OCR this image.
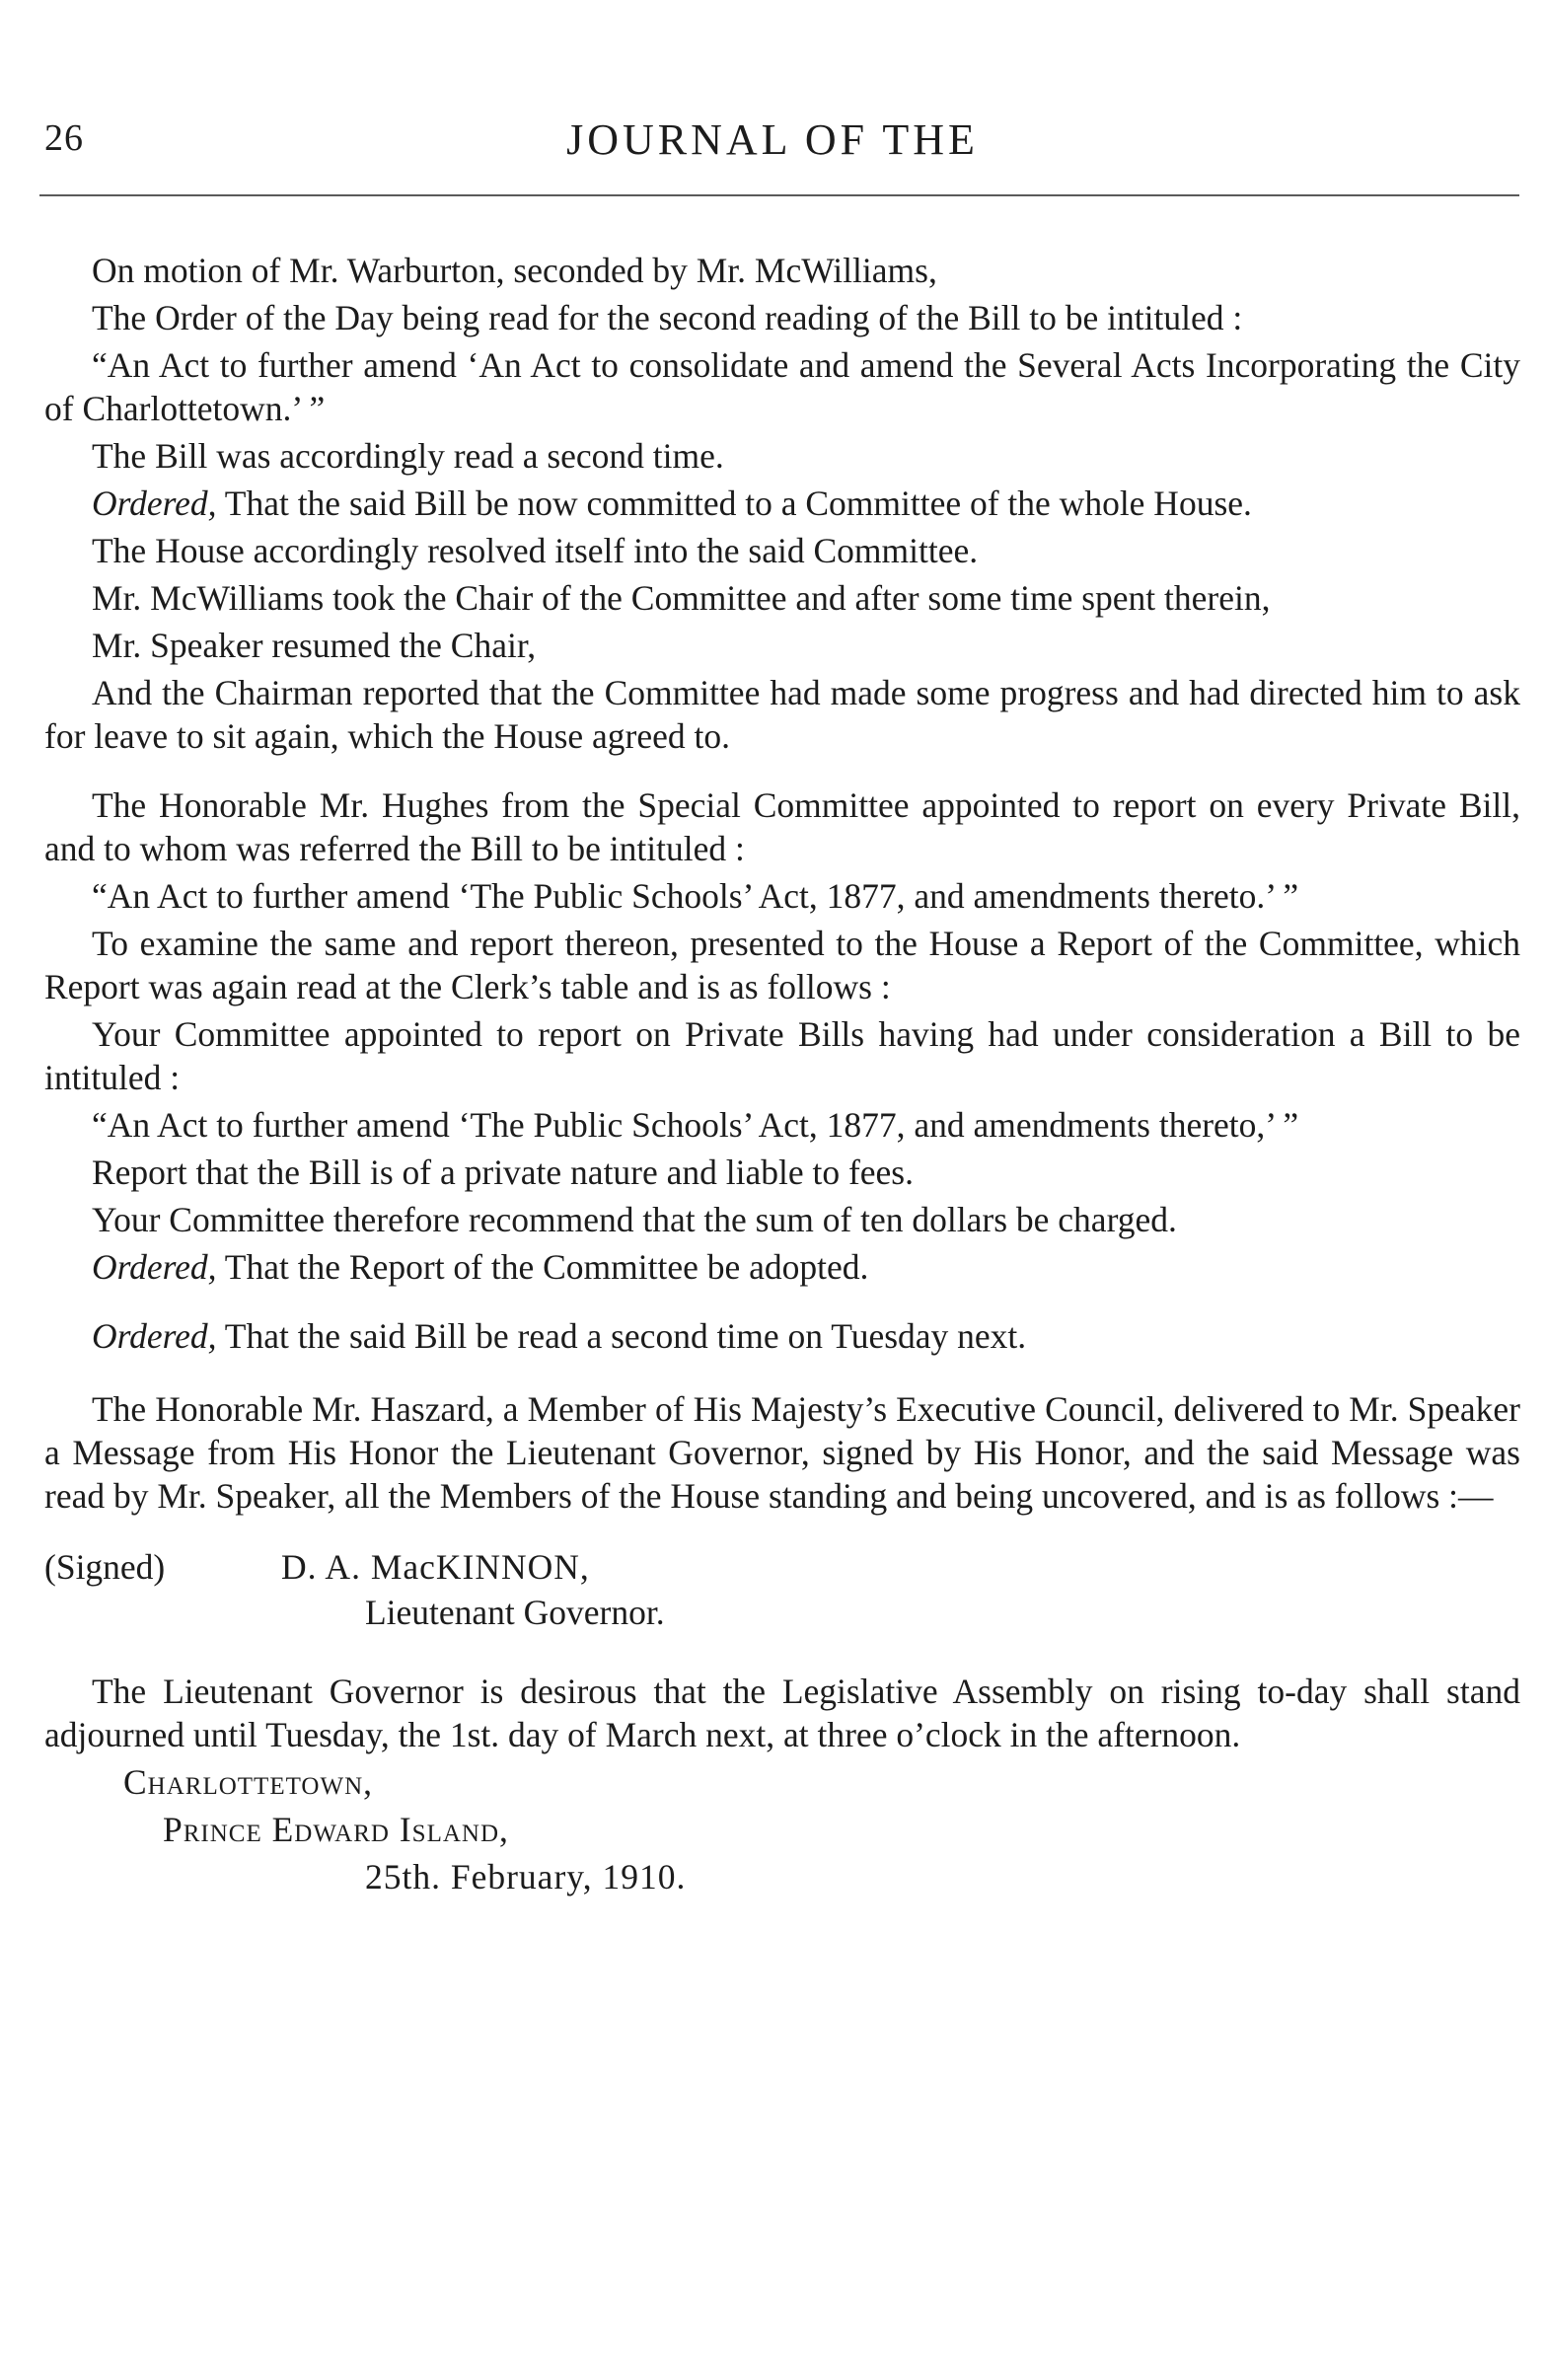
26	JOURNAL OF THE

On motion of Mr. Warburton, seconded by Mr. McWilliams,

The Order of the Day being read for the second reading of the Bill to be intituled :

“An Act to further amend ‘An Act to consolidate and amend the Several Acts Incorporating the City of Charlottetown.’ ”

The Bill was accordingly read a second time.

Ordered, That the said Bill be now committed to a Committee of the whole House.

The House accordingly resolved itself into the said Committee.

Mr. McWilliams took the Chair of the Committee and after some time spent therein,

Mr. Speaker resumed the Chair,

And the Chairman reported that the Committee had made some progress and had directed him to ask for leave to sit again, which the House agreed to.

The Honorable Mr. Hughes from the Special Committee appointed to report on every Private Bill, and to whom was referred the Bill to be intituled :

“An Act to further amend ‘The Public Schools’ Act, 1877, and amendments thereto.’ ”

To examine the same and report thereon, presented to the House a Report of the Committee, which Report was again read at the Clerk’s table and is as follows :

Your Committee appointed to report on Private Bills having had under consideration a Bill to be intituled :

“An Act to further amend ‘The Public Schools’ Act, 1877, and amendments thereto,’ ”

Report that the Bill is of a private nature and liable to fees.

Your Committee therefore recommend that the sum of ten dollars be charged.

Ordered, That the Report of the Committee be adopted.

Ordered, That the said Bill be read a second time on Tuesday next.

The Honorable Mr. Haszard, a Member of His Majesty’s Executive Council, delivered to Mr. Speaker a Message from His Honor the Lieutenant Governor, signed by His Honor, and the said Message was read by Mr. Speaker, all the Members of the House standing and being uncovered, and is as follows :—

(Signed)	D. A. MacKINNON,
Lieutenant Governor.

The Lieutenant Governor is desirous that the Legislative Assembly on rising to-day shall stand adjourned until Tuesday, the 1st. day of March next, at three o’clock in the afternoon.

Charlottetown,

Prince Edward Island,

25th. February, 1910.
